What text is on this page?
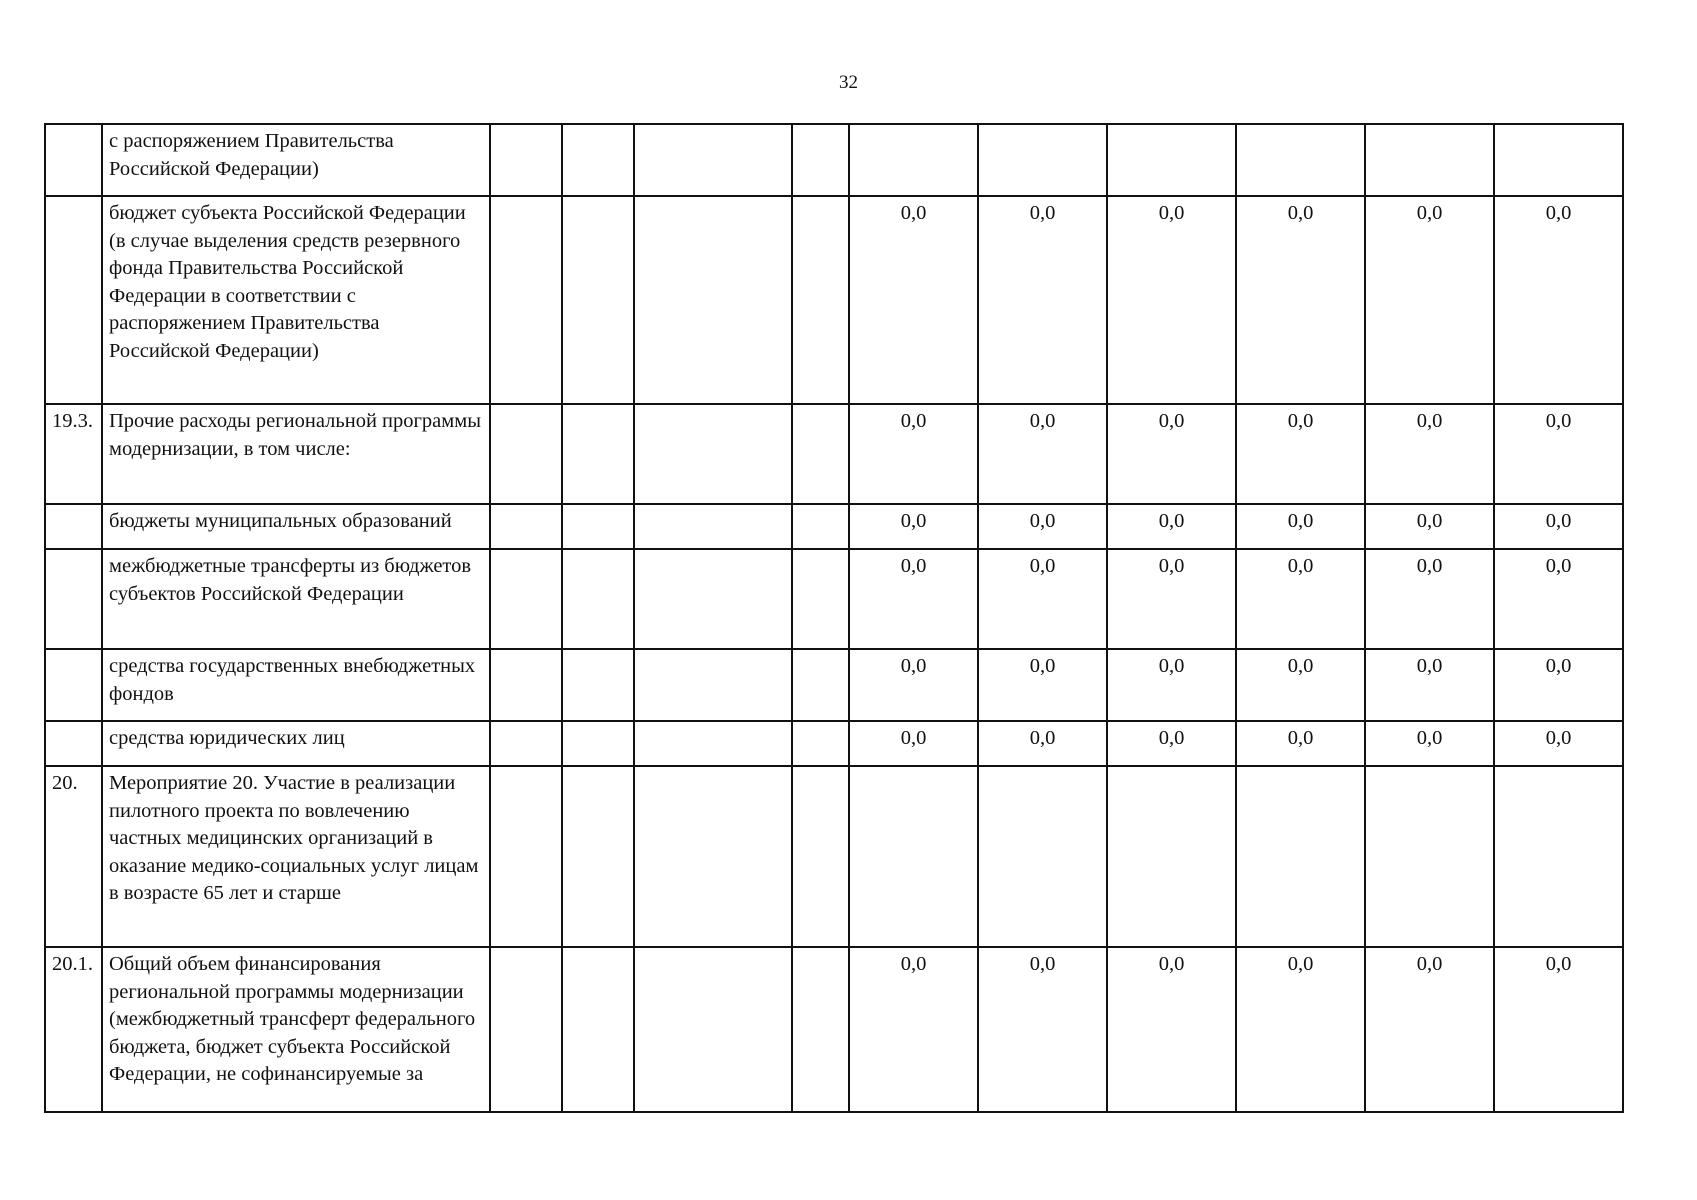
32
	с распоряжением Правительства Российской Федерации)										
	бюджет субъекта Российской Федерации (в случае выделения средств резервного фонда Правительства Российской Федерации в соответствии с распоряжением Правительства Российской Федерации)					0,0	0,0	0,0	0,0	0,0	0,0
19.3.	Прочие расходы региональной программы модернизации, в том числе:					0,0	0,0	0,0	0,0	0,0	0,0
	бюджеты муниципальных образований					0,0	0,0	0,0	0,0	0,0	0,0
	межбюджетные трансферты из бюджетов субъектов Российской Федерации					0,0	0,0	0,0	0,0	0,0	0,0
	средства государственных внебюджетных фондов					0,0	0,0	0,0	0,0	0,0	0,0
	средства юридических лиц					0,0	0,0	0,0	0,0	0,0	0,0
20.	Мероприятие 20. Участие в реализации пилотного проекта по вовлечению частных медицинских организаций в оказание медико-социальных услуг лицам в возрасте 65 лет и старше										
20.1.	Общий объем финансирования региональной программы модернизации (межбюджетный трансферт федерального бюджета, бюджет субъекта Российской Федерации, не софинансируемые за					0,0	0,0	0,0	0,0	0,0	0,0
